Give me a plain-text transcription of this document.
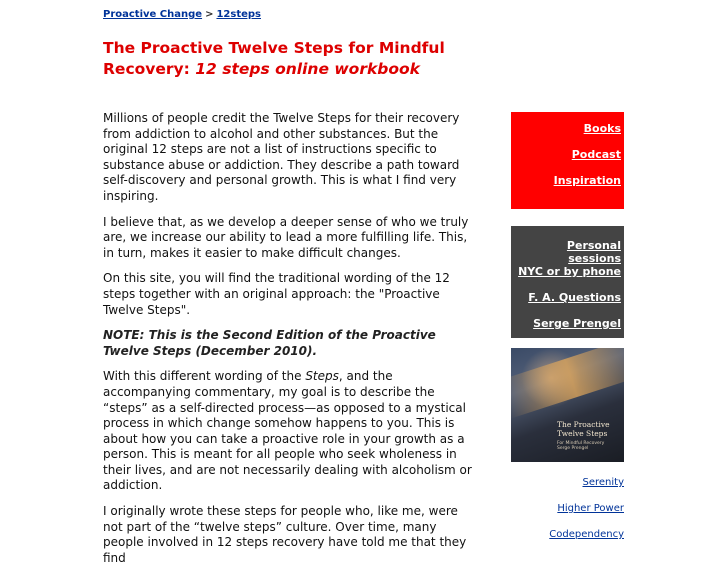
Proactive Change > 12steps
The Proactive Twelve Steps for Mindful Recovery: 12 steps online workbook

Millions of people credit the Twelve Steps for their recovery from addiction to alcohol and other substances. But the original 12 steps are not a list of instructions specific to substance abuse or addiction. They describe a path toward self-discovery and personal growth. This is what I find very inspiring.

I believe that, as we develop a deeper sense of who we truly are, we increase our ability to lead a more fulfilling life. This, in turn, makes it easier to make difficult changes.

On this site, you will find the traditional wording of the 12 steps together with an original approach: the "Proactive Twelve Steps".

NOTE: This is the Second Edition of the Proactive Twelve Steps (December 2010).

With this different wording of the Steps, and the accompanying commentary, my goal is to describe the “steps” as a self-directed process—as opposed to a mystical process in which change somehow happens to you. This is about how you can take a proactive role in your growth as a person. This is meant for all people who seek wholeness in their lives, and are not necessarily dealing with alcoholism or addiction.

I originally wrote these steps for people who, like me, were not part of the “twelve steps” culture. Over time, many people involved in 12 steps recovery have told me that they find

Books
Podcast
Inspiration
Personal sessions
NYC or by phone
F. A. Questions
Serge Prengel
The Proactive Twelve Steps
For Mindful Recovery
Serge Prengel
Serenity
Higher Power
Codependency
